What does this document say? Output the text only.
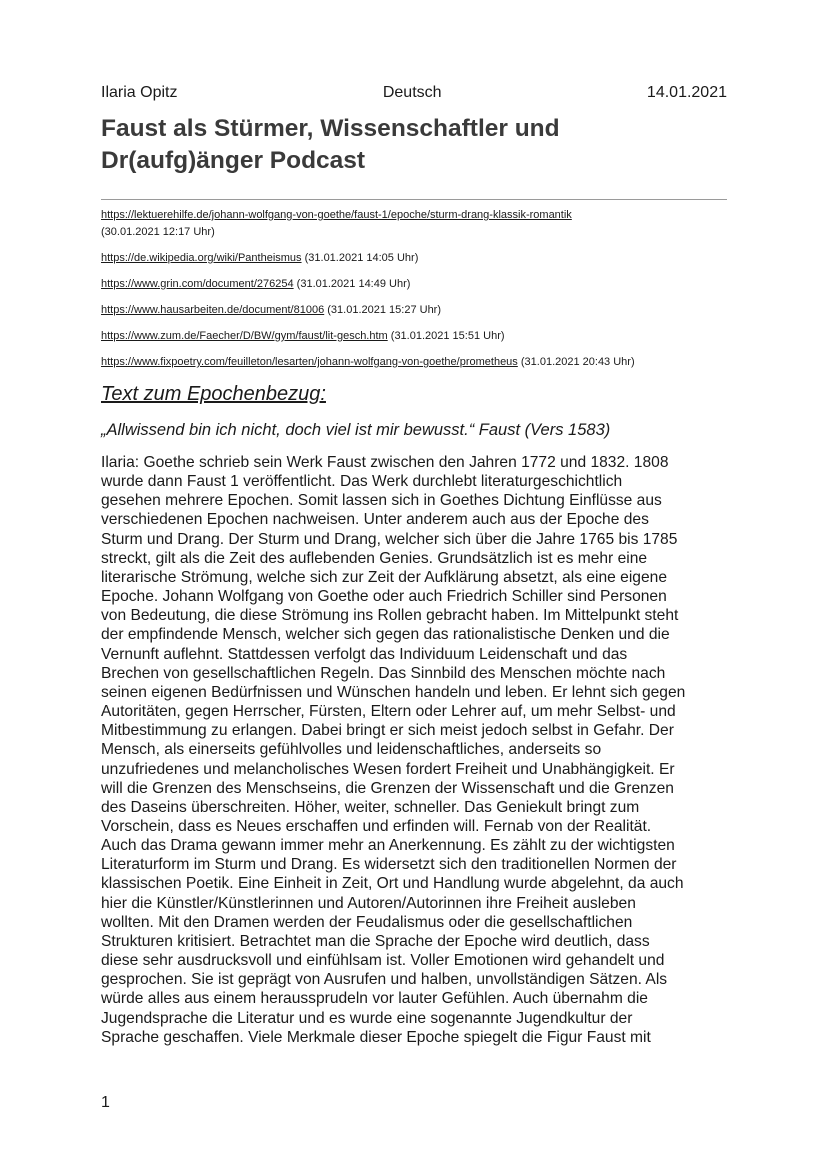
Ilaria Opitz	Deutsch	14.01.2021
Faust als Stürmer, Wissenschaftler und
Dr(aufg)änger Podcast
https://lektuerehilfe.de/johann-wolfgang-von-goethe/faust-1/epoche/sturm-drang-klassik-romantik
(30.01.2021 12:17 Uhr)
https://de.wikipedia.org/wiki/Pantheismus (31.01.2021 14:05 Uhr)
https://www.grin.com/document/276254 (31.01.2021 14:49 Uhr)
https://www.hausarbeiten.de/document/81006 (31.01.2021 15:27 Uhr)
https://www.zum.de/Faecher/D/BW/gym/faust/lit-gesch.htm (31.01.2021 15:51 Uhr)
https://www.fixpoetry.com/feuilleton/lesarten/johann-wolfgang-von-goethe/prometheus (31.01.2021 20:43 Uhr)
Text zum Epochenbezug:
„Allwissend bin ich nicht, doch viel ist mir bewusst.“ Faust (Vers 1583)
Ilaria: Goethe schrieb sein Werk Faust zwischen den Jahren 1772 und 1832. 1808
wurde dann Faust 1 veröffentlicht. Das Werk durchlebt literaturgeschichtlich
gesehen mehrere Epochen. Somit lassen sich in Goethes Dichtung Einflüsse aus
verschiedenen Epochen nachweisen. Unter anderem auch aus der Epoche des
Sturm und Drang. Der Sturm und Drang, welcher sich über die Jahre 1765 bis 1785
streckt, gilt als die Zeit des auflebenden Genies. Grundsätzlich ist es mehr eine
literarische Strömung, welche sich zur Zeit der Aufklärung absetzt, als eine eigene
Epoche. Johann Wolfgang von Goethe oder auch Friedrich Schiller sind Personen
von Bedeutung, die diese Strömung ins Rollen gebracht haben. Im Mittelpunkt steht
der empfindende Mensch, welcher sich gegen das rationalistische Denken und die
Vernunft auflehnt. Stattdessen verfolgt das Individuum Leidenschaft und das
Brechen von gesellschaftlichen Regeln. Das Sinnbild des Menschen möchte nach
seinen eigenen Bedürfnissen und Wünschen handeln und leben. Er lehnt sich gegen
Autoritäten, gegen Herrscher, Fürsten, Eltern oder Lehrer auf, um mehr Selbst- und
Mitbestimmung zu erlangen. Dabei bringt er sich meist jedoch selbst in Gefahr. Der
Mensch, als einerseits gefühlvolles und leidenschaftliches, anderseits so
unzufriedenes und melancholisches Wesen fordert Freiheit und Unabhängigkeit. Er
will die Grenzen des Menschseins, die Grenzen der Wissenschaft und die Grenzen
des Daseins überschreiten. Höher, weiter, schneller. Das Geniekult bringt zum
Vorschein, dass es Neues erschaffen und erfinden will. Fernab von der Realität.
Auch das Drama gewann immer mehr an Anerkennung. Es zählt zu der wichtigsten
Literaturform im Sturm und Drang. Es widersetzt sich den traditionellen Normen der
klassischen Poetik. Eine Einheit in Zeit, Ort und Handlung wurde abgelehnt, da auch
hier die Künstler/Künstlerinnen und Autoren/Autorinnen ihre Freiheit ausleben
wollten. Mit den Dramen werden der Feudalismus oder die gesellschaftlichen
Strukturen kritisiert. Betrachtet man die Sprache der Epoche wird deutlich, dass
diese sehr ausdrucksvoll und einfühlsam ist. Voller Emotionen wird gehandelt und
gesprochen. Sie ist geprägt von Ausrufen und halben, unvollständigen Sätzen. Als
würde alles aus einem heraussprudeln vor lauter Gefühlen. Auch übernahm die
Jugendsprache die Literatur und es wurde eine sogenannte Jugendkultur der
Sprache geschaffen. Viele Merkmale dieser Epoche spiegelt die Figur Faust mit
1
